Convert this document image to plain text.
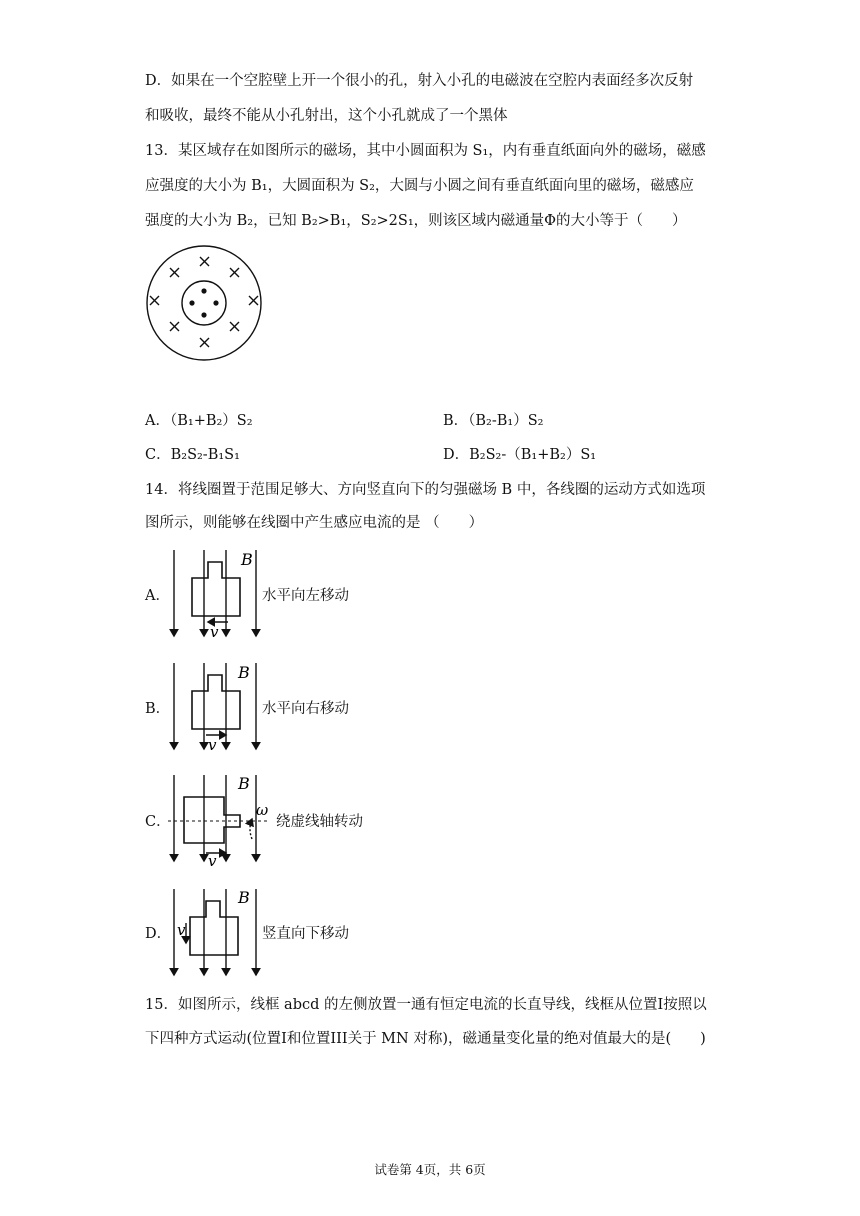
D．如果在一个空腔壁上开一个很小的孔，射入小孔的电磁波在空腔内表面经多次反射
和吸收，最终不能从小孔射出，这个小孔就成了一个黑体
13．某区域存在如图所示的磁场，其中小圆面积为 S₁，内有垂直纸面向外的磁场，磁感
应强度的大小为 B₁，大圆面积为 S₂，大圆与小圆之间有垂直纸面向里的磁场，磁感应
强度的大小为 B₂，已知 B₂>B₁，S₂>2S₁，则该区域内磁通量Φ的大小等于（　　）
A．（B₁+B₂）S₂	B．（B₂-B₁）S₂
C．B₂S₂-B₁S₁	D．B₂S₂-（B₁+B₂）S₁
14．将线圈置于范围足够大、方向竖直向下的匀强磁场 B 中，各线圈的运动方式如选项
图所示，则能够在线圈中产生感应电流的是 （　　）
A．
B
v
水平向左移动
B．
B
v
水平向右移动
C．
B
ω
v
绕虚线轴转动
D．
B
v	竖直向下移动
15．如图所示，线框 abcd 的左侧放置一通有恒定电流的长直导线，线框从位置I按照以
下四种方式运动(位置I和位置III关于 MN 对称)，磁通量变化量的绝对值最大的是(　　)
试卷第 4页，共 6页
